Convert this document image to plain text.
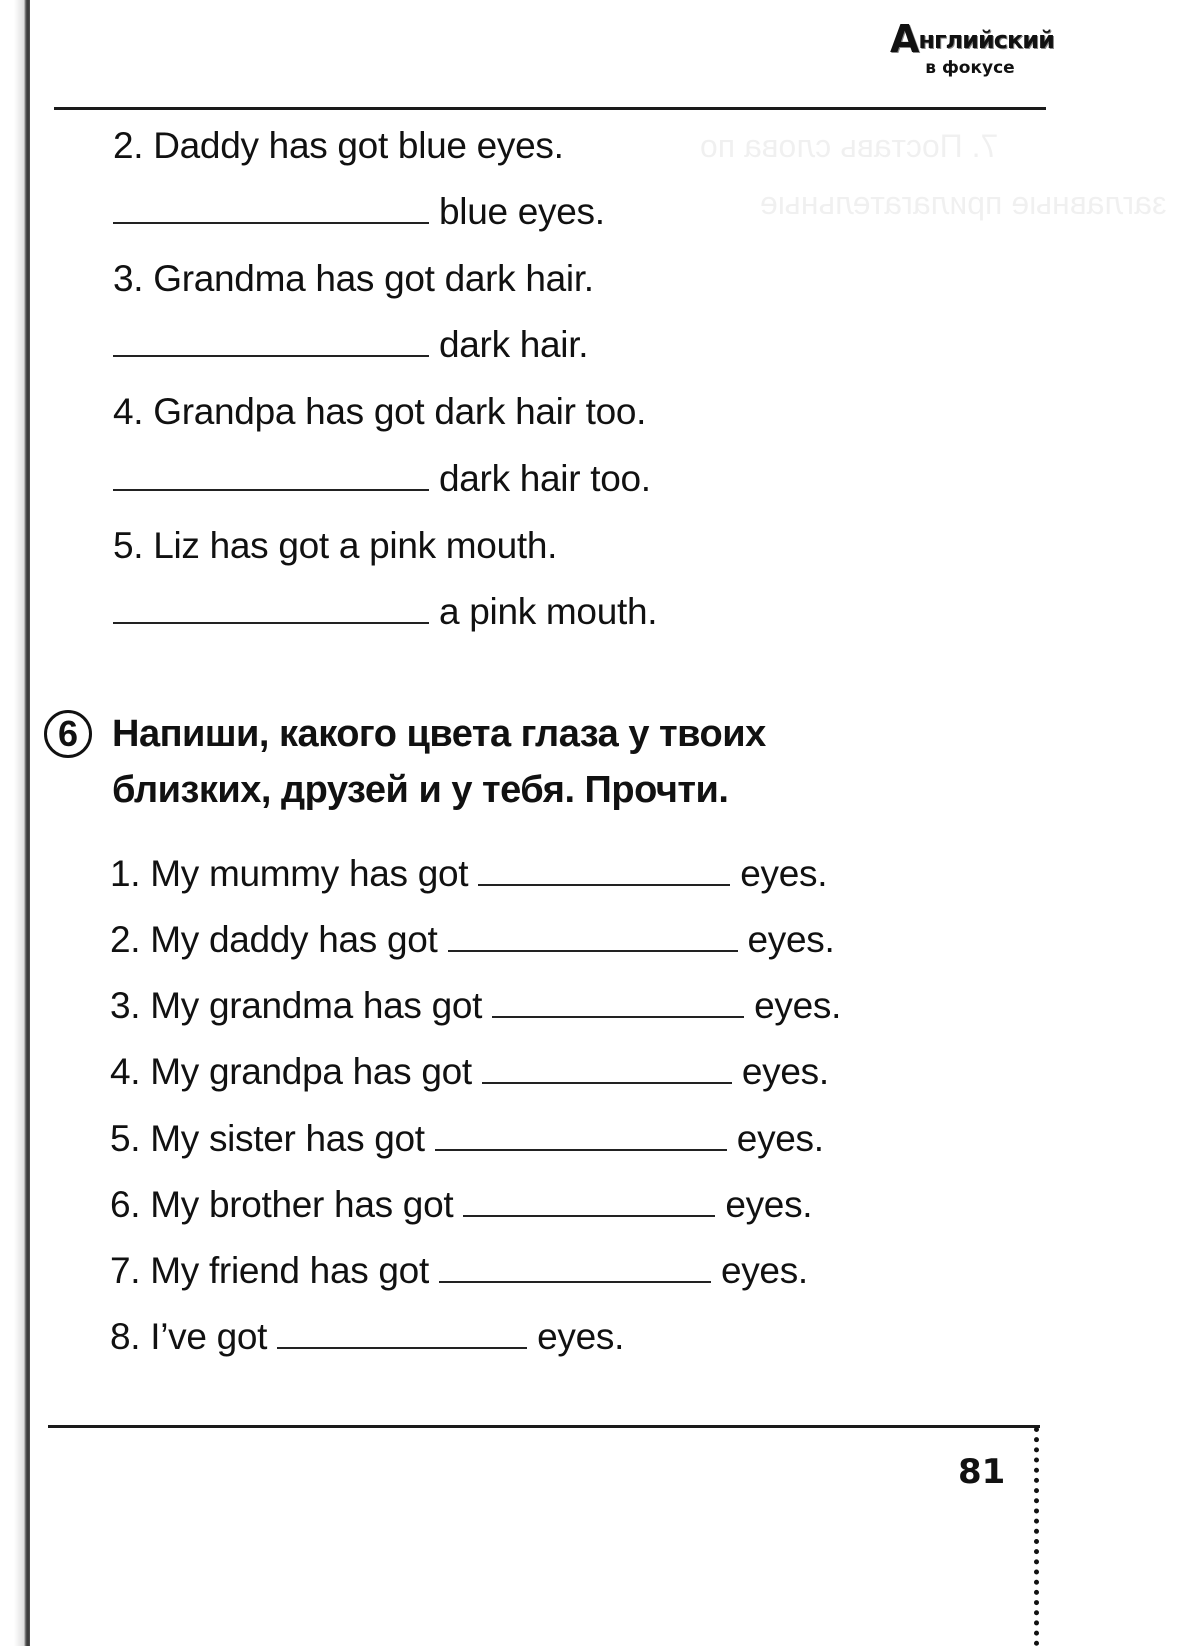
7. Поставь слова по
заглавные прилагательные
Английский
в фокусе
2. Daddy has got blue eyes.
blue eyes.
3. Grandma has got dark hair.
dark hair.
4. Grandpa has got dark hair too.
dark hair too.
5. Liz has got a pink mouth.
a pink mouth.
6 Напиши, какого цвета глаза у твоих
близких, друзей и у тебя. Прочти.
1. My mummy has got	eyes.
2. My daddy has got	eyes.
3. My grandma has got	eyes.
4. My grandpa has got	eyes.
5. My sister has got	eyes.
6. My brother has got	eyes.
7. My friend has got	eyes.
8. I’ve got	eyes.
81
